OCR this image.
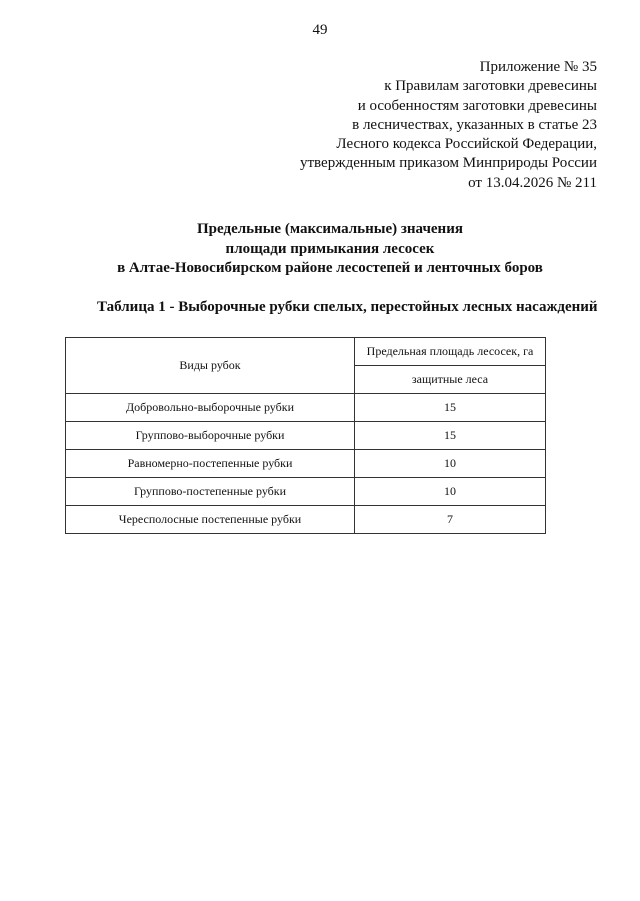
49
Приложение № 35
к Правилам заготовки древесины
и особенностям заготовки древесины
в лесничествах, указанных в статье 23
Лесного кодекса Российской Федерации,
утвержденным приказом Минприроды России
от 13.04.2026 № 211
Предельные (максимальные) значения
площади примыкания лесосек
в Алтае-Новосибирском районе лесостепей и ленточных боров
Таблица 1 - Выборочные рубки спелых, перестойных лесных насаждений
Виды рубок	Предельная площадь лесосек, га
	защитные леса
Добровольно-выборочные рубки	15
Группово-выборочные рубки	15
Равномерно-постепенные рубки	10
Группово-постепенные рубки	10
Чересполосные постепенные рубки	7
